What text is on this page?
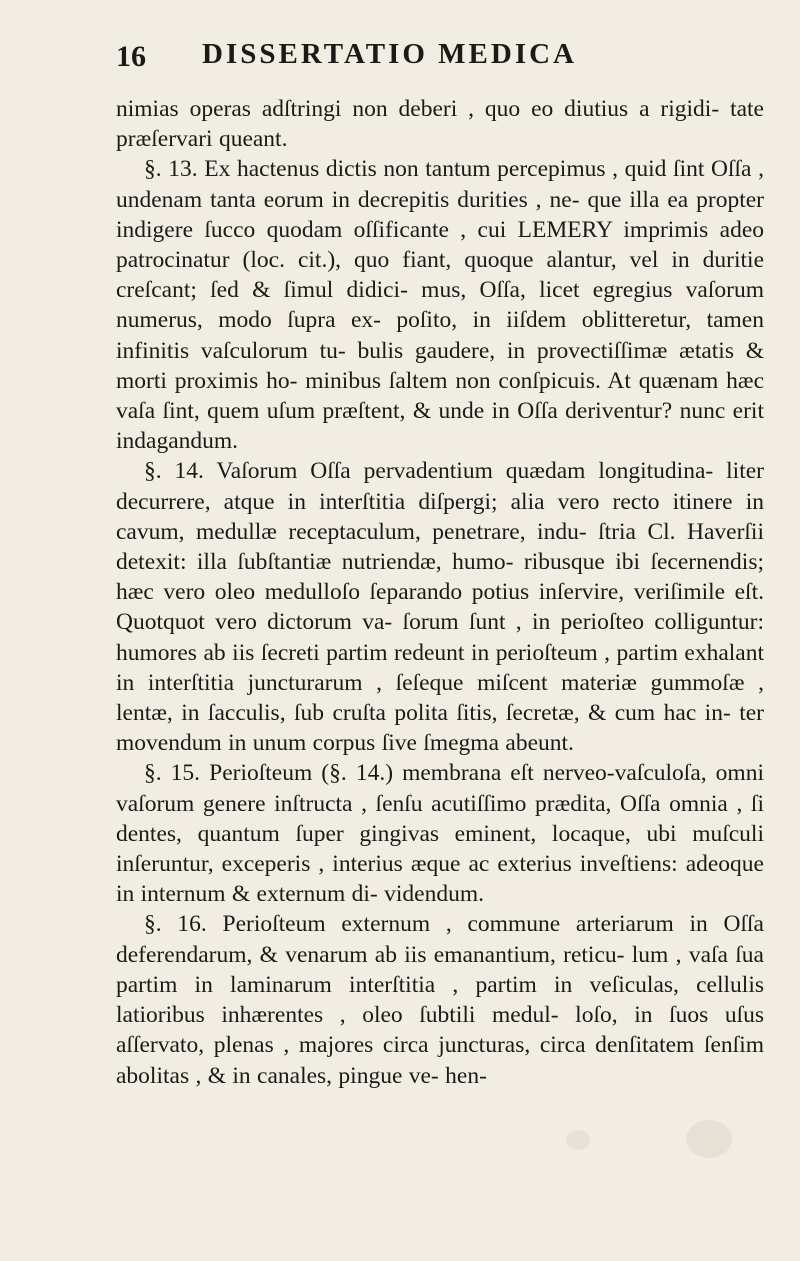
16 DISSERTATIO MEDICA

nimias operas adſtringi non deberi , quo eo diutius a rigidi- tate præſervari queant.

§. 13. Ex hactenus dictis non tantum percepimus , quid ſint Oſſa , undenam tanta eorum in decrepitis durities , ne- que illa ea propter indigere ſucco quodam oſſificante , cui LEMERY imprimis adeo patrocinatur (loc. cit.), quo fiant, quoque alantur, vel in duritie creſcant; ſed & ſimul didici- mus, Oſſa, licet egregius vaſorum numerus, modo ſupra ex- poſito, in iiſdem oblitteretur, tamen infinitis vaſculorum tu- bulis gaudere, in provectiſſimæ ætatis & morti proximis ho- minibus ſaltem non conſpicuis. At quænam hæc vaſa ſint, quem uſum præſtent, & unde in Oſſa deriventur? nunc erit indagandum.

§. 14. Vaſorum Oſſa pervadentium quædam longitudina- liter decurrere, atque in interſtitia diſpergi; alia vero recto itinere in cavum, medullæ receptaculum, penetrare, indu- ſtria Cl. Haverſii detexit: illa ſubſtantiæ nutriendæ, humo- ribusque ibi ſecernendis; hæc vero oleo medulloſo ſeparando potius inſervire, veriſimile eſt. Quotquot vero dictorum va- ſorum ſunt , in perioſteo colliguntur: humores ab iis ſecreti partim redeunt in perioſteum , partim exhalant in interſtitia juncturarum , ſeſeque miſcent materiæ gummoſæ , lentæ, in ſacculis, ſub cruſta polita ſitis, ſecretæ, & cum hac in- ter movendum in unum corpus ſive ſmegma abeunt.

§. 15. Perioſteum (§. 14.) membrana eſt nerveo-vaſculoſa, omni vaſorum genere inſtructa , ſenſu acutiſſimo prædita, Oſſa omnia , ſi dentes, quantum ſuper gingivas eminent, locaque, ubi muſculi inſeruntur, exceperis , interius æque ac exterius inveſtiens: adeoque in internum & externum di- videndum.

§. 16. Perioſteum externum , commune arteriarum in Oſſa deferendarum, & venarum ab iis emanantium, reticu- lum , vaſa ſua partim in laminarum interſtitia , partim in veſiculas, cellulis latioribus inhærentes , oleo ſubtili medul- loſo, in ſuos uſus aſſervato, plenas , majores circa juncturas, circa denſitatem ſenſim abolitas , & in canales, pingue ve- hen-
